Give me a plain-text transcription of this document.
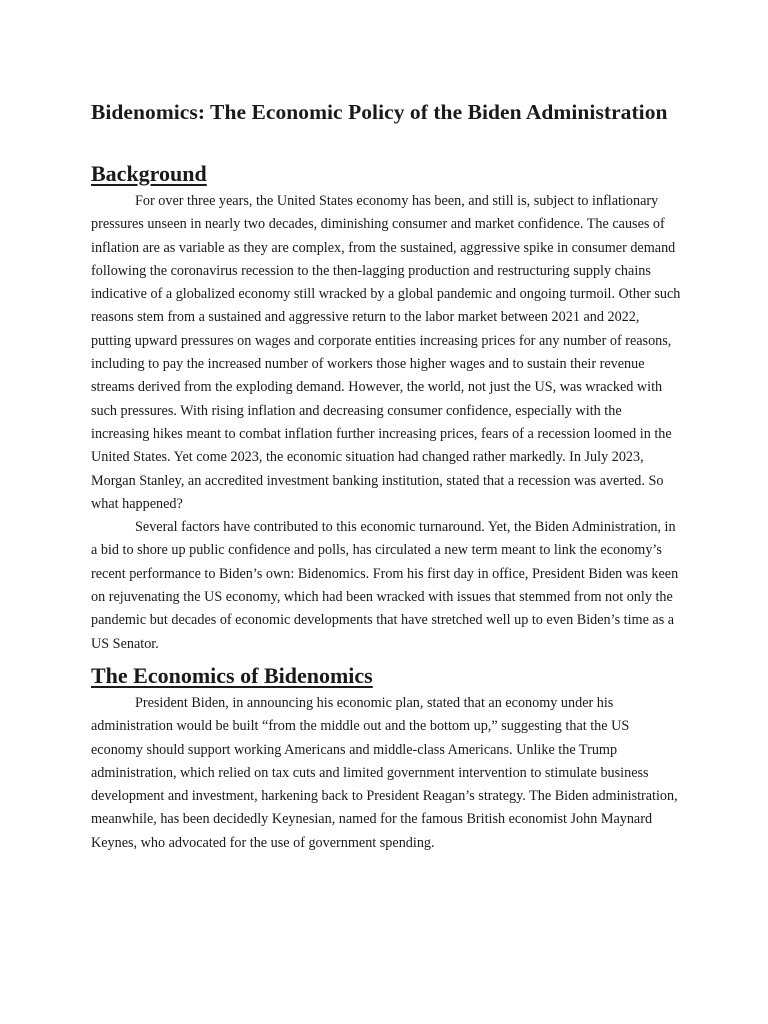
Bidenomics: The Economic Policy of the Biden Administration
Background

For over three years, the United States economy has been, and still is, subject to inflationary pressures unseen in nearly two decades, diminishing consumer and market confidence. The causes of inflation are as variable as they are complex, from the sustained, aggressive spike in consumer demand following the coronavirus recession to the then-lagging production and restructuring supply chains indicative of a globalized economy still wracked by a global pandemic and ongoing turmoil. Other such reasons stem from a sustained and aggressive return to the labor market between 2021 and 2022, putting upward pressures on wages and corporate entities increasing prices for any number of reasons, including to pay the increased number of workers those higher wages and to sustain their revenue streams derived from the exploding demand. However, the world, not just the US, was wracked with such pressures. With rising inflation and decreasing consumer confidence, especially with the increasing hikes meant to combat inflation further increasing prices, fears of a recession loomed in the United States. Yet come 2023, the economic situation had changed rather markedly. In July 2023, Morgan Stanley, an accredited investment banking institution, stated that a recession was averted. So what happened?

Several factors have contributed to this economic turnaround. Yet, the Biden Administration, in a bid to shore up public confidence and polls, has circulated a new term meant to link the economy’s recent performance to Biden’s own: Bidenomics. From his first day in office, President Biden was keen on rejuvenating the US economy, which had been wracked with issues that stemmed from not only the pandemic but decades of economic developments that have stretched well up to even Biden’s time as a US Senator.

The Economics of Bidenomics

President Biden, in announcing his economic plan, stated that an economy under his administration would be built “from the middle out and the bottom up,” suggesting that the US economy should support working Americans and middle-class Americans. Unlike the Trump administration, which relied on tax cuts and limited government intervention to stimulate business development and investment, harkening back to President Reagan’s strategy. The Biden administration, meanwhile, has been decidedly Keynesian, named for the famous British economist John Maynard Keynes, who advocated for the use of government spending.
